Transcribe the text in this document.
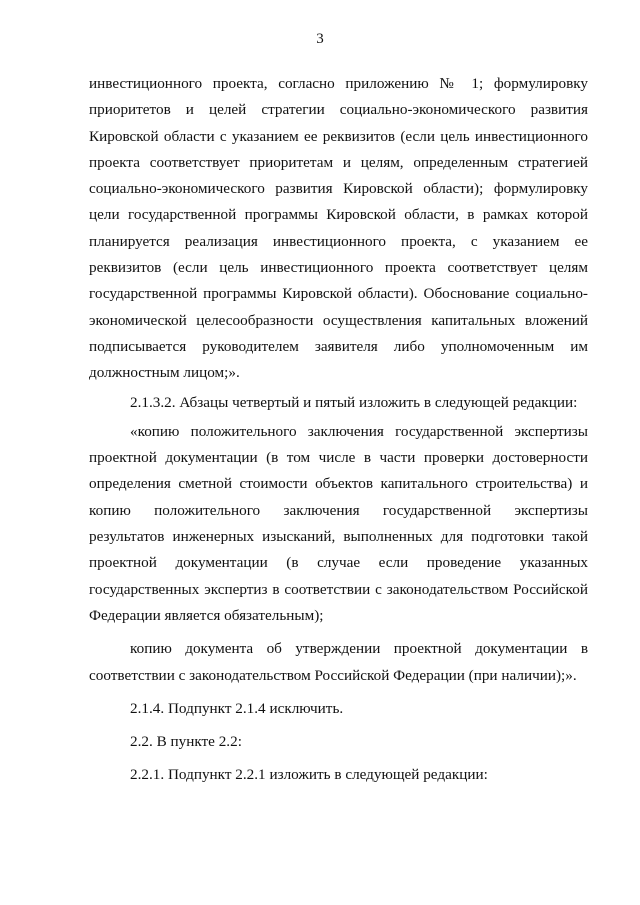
3

инвестиционного проекта, согласно приложению № 1; формулировку приоритетов и целей стратегии социально-экономического развития Кировской области с указанием ее реквизитов (если цель инвестиционного проекта соответствует приоритетам и целям, определенным стратегией социально-экономического развития Кировской области); формулировку цели государственной программы Кировской области, в рамках которой планируется реализация инвестиционного проекта, с указанием ее реквизитов (если цель инвестиционного проекта соответствует целям государственной программы Кировской области). Обоснование социально-экономической целесообразности осуществления капитальных вложений подписывается руководителем заявителя либо уполномоченным им должностным лицом;».

2.1.3.2. Абзацы четвертый и пятый изложить в следующей редакции:

«копию положительного заключения государственной экспертизы проектной документации (в том числе в части проверки достоверности определения сметной стоимости объектов капитального строительства) и копию положительного заключения государственной экспертизы результатов инженерных изысканий, выполненных для подготовки такой проектной документации (в случае если проведение указанных государственных экспертиз в соответствии с законодательством Российской Федерации является обязательным);

копию документа об утверждении проектной документации в соответствии с законодательством Российской Федерации (при наличии);».

2.1.4. Подпункт 2.1.4 исключить.

2.2. В пункте 2.2:

2.2.1. Подпункт 2.2.1 изложить в следующей редакции:
